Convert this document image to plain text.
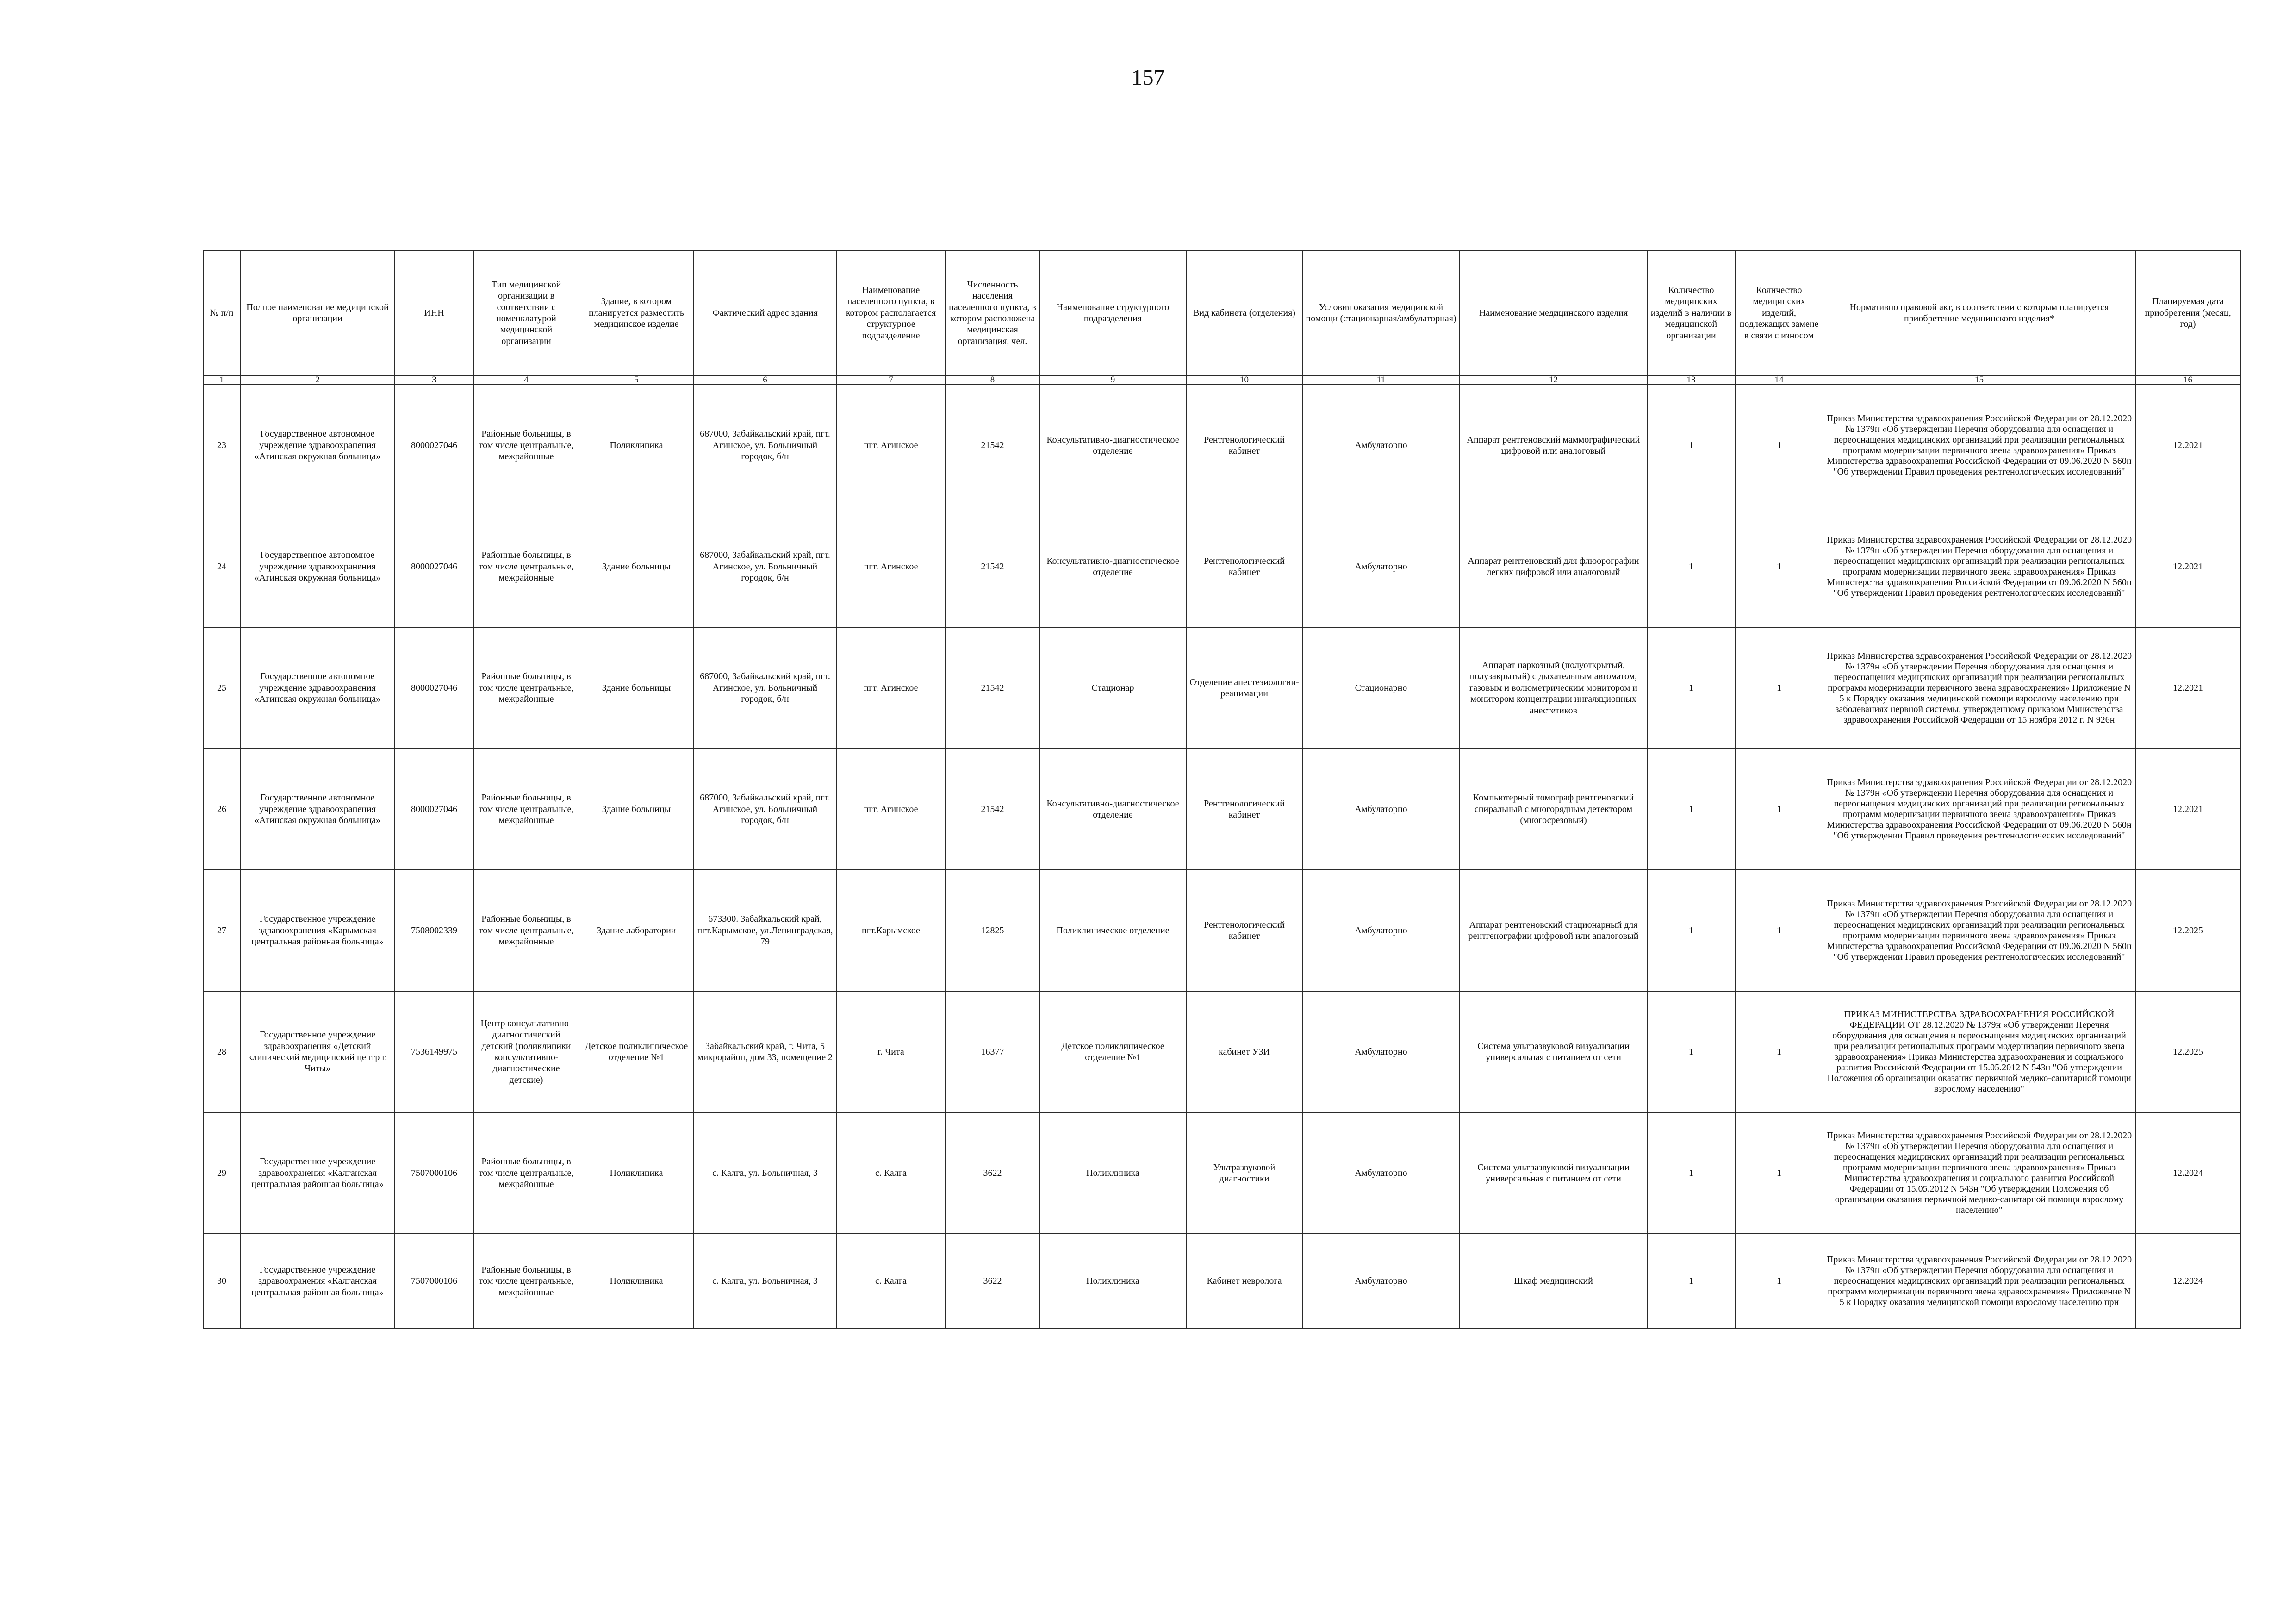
157
№ п/п	Полное наименование медицинской организации	ИНН	Тип медицинской организации в соответствии с номенклатурой медицинской организации	Здание, в котором планируется разместить медицинское изделие	Фактический адрес здания	Наименование населенного пункта, в котором располагается структурное подразделение	Численность населения населенного пункта, в котором расположена медицинская организация, чел.	Наименование структурного подразделения	Вид кабинета (отделения)	Условия оказания медицинской помощи (стационарная/амбулаторная)	Наименование медицинского изделия	Количество медицинских изделий в наличии в медицинской организации	Количество медицинских изделий, подлежащих замене в связи с износом	Нормативно правовой акт, в соответствии с которым планируется приобретение медицинского изделия*	Планируемая дата приобретения (месяц, год)
1	2	3	4	5	6	7	8	9	10	11	12	13	14	15	16
23	Государственное автономное учреждение здравоохранения «Агинская окружная больница»	8000027046	Районные больницы, в том числе центральные, межрайонные	Поликлиника	687000, Забайкальский край, пгт. Агинское, ул. Больничный городок, б/н	пгт. Агинское	21542	Консультативно-диагностическое отделение	Рентгенологический кабинет	Амбулаторно	Аппарат рентгеновский маммографический цифровой или аналоговый	1	1	Приказ Министерства здравоохранения Российской Федерации от 28.12.2020 № 1379н «Об утверждении Перечня оборудования для оснащения и переоснащения медицинских организаций при реализации региональных программ модернизации первичного звена здравоохранения» Приказ Министерства здравоохранения Российской Федерации от 09.06.2020 N 560н "Об утверждении Правил проведения рентгенологических исследований"	12.2021
24	Государственное автономное учреждение здравоохранения «Агинская окружная больница»	8000027046	Районные больницы, в том числе центральные, межрайонные	Здание больницы	687000, Забайкальский край, пгт. Агинское, ул. Больничный городок, б/н	пгт. Агинское	21542	Консультативно-диагностическое отделение	Рентгенологический кабинет	Амбулаторно	Аппарат рентгеновский для флюорографии легких цифровой или аналоговый	1	1	Приказ Министерства здравоохранения Российской Федерации от 28.12.2020 № 1379н «Об утверждении Перечня оборудования для оснащения и переоснащения медицинских организаций при реализации региональных программ модернизации первичного звена здравоохранения» Приказ Министерства здравоохранения Российской Федерации от 09.06.2020 N 560н "Об утверждении Правил проведения рентгенологических исследований"	12.2021
25	Государственное автономное учреждение здравоохранения «Агинская окружная больница»	8000027046	Районные больницы, в том числе центральные, межрайонные	Здание больницы	687000, Забайкальский край, пгт. Агинское, ул. Больничный городок, б/н	пгт. Агинское	21542	Стационар	Отделение анестезиологии-реанимации	Стационарно	Аппарат наркозный (полуоткрытый, полузакрытый) с дыхательным автоматом, газовым и волюметрическим монитором и монитором концентрации ингаляционных анестетиков	1	1	Приказ Министерства здравоохранения Российской Федерации от 28.12.2020 № 1379н «Об утверждении Перечня оборудования для оснащения и переоснащения медицинских организаций при реализации региональных программ модернизации первичного звена здравоохранения» Приложение N 5 к Порядку оказания медицинской помощи взрослому населению при заболеваниях нервной системы, утвержденному приказом Министерства здравоохранения Российской Федерации от 15 ноября 2012 г. N 926н	12.2021
26	Государственное автономное учреждение здравоохранения «Агинская окружная больница»	8000027046	Районные больницы, в том числе центральные, межрайонные	Здание больницы	687000, Забайкальский край, пгт. Агинское, ул. Больничный городок, б/н	пгт. Агинское	21542	Консультативно-диагностическое отделение	Рентгенологический кабинет	Амбулаторно	Компьютерный томограф рентгеновский спиральный с многорядным детектором (многосрезовый)	1	1	Приказ Министерства здравоохранения Российской Федерации от 28.12.2020 № 1379н «Об утверждении Перечня оборудования для оснащения и переоснащения медицинских организаций при реализации региональных программ модернизации первичного звена здравоохранения» Приказ Министерства здравоохранения Российской Федерации от 09.06.2020 N 560н "Об утверждении Правил проведения рентгенологических исследований"	12.2021
27	Государственное учреждение здравоохранения «Карымская центральная районная больница»	7508002339	Районные больницы, в том числе центральные, межрайонные	Здание лаборатории	673300. Забайкальский край, пгт.Карымское, ул.Ленинградская, 79	пгт.Карымское	12825	Поликлиническое отделение	Рентгенологический кабинет	Амбулаторно	Аппарат рентгеновский стационарный для рентгенографии цифровой или аналоговый	1	1	Приказ Министерства здравоохранения Российской Федерации от 28.12.2020 № 1379н «Об утверждении Перечня оборудования для оснащения и переоснащения медицинских организаций при реализации региональных программ модернизации первичного звена здравоохранения» Приказ Министерства здравоохранения Российской Федерации от 09.06.2020 N 560н "Об утверждении Правил проведения рентгенологических исследований"	12.2025
28	Государственное учреждение здравоохранения «Детский клинический медицинский центр г. Читы»	7536149975	Центр консультативно-диагностический детский (поликлиники консультативно-диагностические детские)	Детское поликлиническое отделение №1	Забайкальский край, г. Чита, 5 микрорайон, дом 33, помещение 2	г. Чита	16377	Детское поликлиническое отделение №1	кабинет УЗИ	Амбулаторно	Система ультразвуковой визуализации универсальная с питанием от сети	1	1	ПРИКАЗ МИНИСТЕРСТВА ЗДРАВООХРАНЕНИЯ РОССИЙСКОЙ ФЕДЕРАЦИИ ОТ 28.12.2020 № 1379н «Об утверждении Перечня оборудования для оснащения и переоснащения медицинских организаций при реализации региональных программ модернизации первичного звена здравоохранения» Приказ Министерства здравоохранения и социального развития Российской Федерации от 15.05.2012 N 543н "Об утверждении Положения об организации оказания первичной медико-санитарной помощи взрослому населению"	12.2025
29	Государственное учреждение здравоохранения «Калганская центральная районная больница»	7507000106	Районные больницы, в том числе центральные, межрайонные	Поликлиника	с. Калга, ул. Больничная, 3	с. Калга	3622	Поликлиника	Ультразвуковой диагностики	Амбулаторно	Система ультразвуковой визуализации универсальная с питанием от сети	1	1	Приказ Министерства здравоохранения Российской Федерации от 28.12.2020 № 1379н «Об утверждении Перечня оборудования для оснащения и переоснащения медицинских организаций при реализации региональных программ модернизации первичного звена здравоохранения» Приказ Министерства здравоохранения и социального развития Российской Федерации от 15.05.2012 N 543н "Об утверждении Положения об организации оказания первичной медико-санитарной помощи взрослому населению"	12.2024
30	Государственное учреждение здравоохранения «Калганская центральная районная больница»	7507000106	Районные больницы, в том числе центральные, межрайонные	Поликлиника	с. Калга, ул. Больничная, 3	с. Калга	3622	Поликлиника	Кабинет невролога	Амбулаторно	Шкаф медицинский	1	1	Приказ Министерства здравоохранения Российской Федерации от 28.12.2020 № 1379н «Об утверждении Перечня оборудования для оснащения и переоснащения медицинских организаций при реализации региональных программ модернизации первичного звена здравоохранения» Приложение N 5 к Порядку оказания медицинской помощи взрослому населению при	12.2024
